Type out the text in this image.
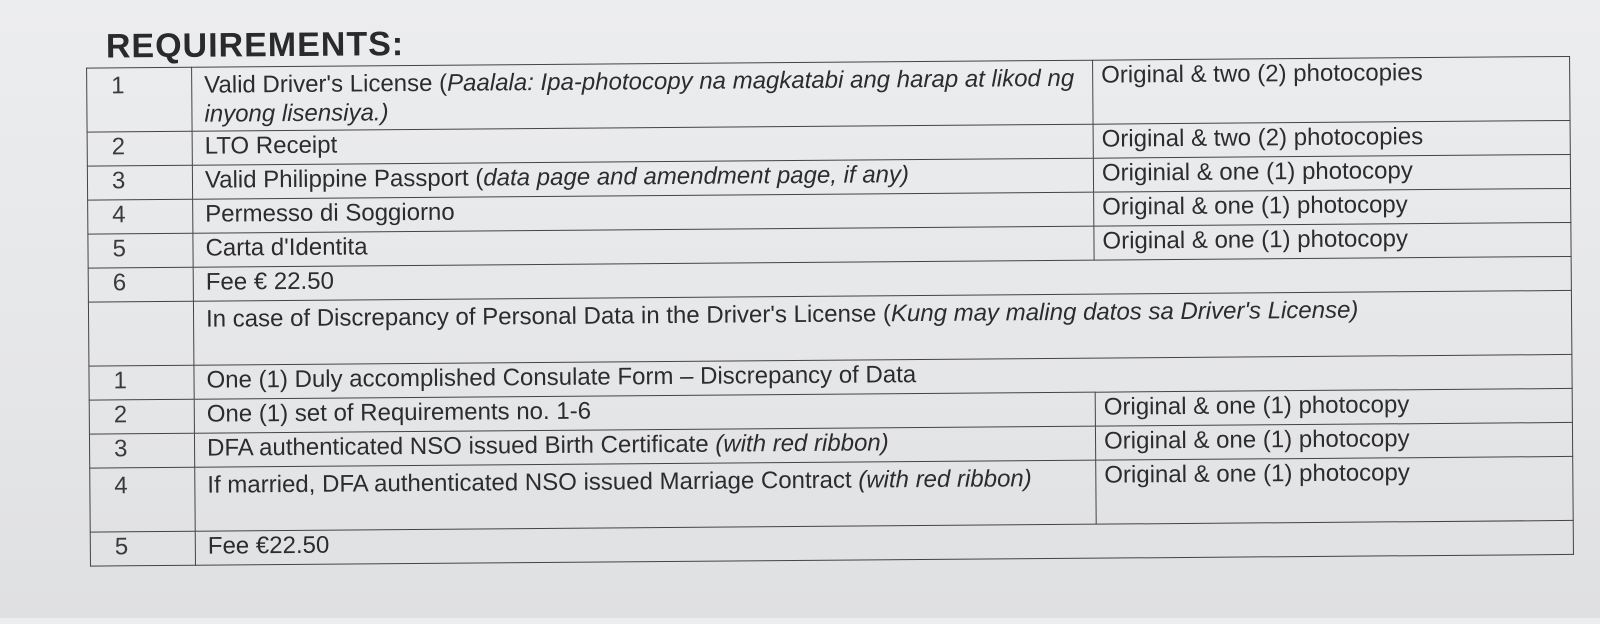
REQUIREMENTS:
1	Valid Driver's License (Paalala: Ipa-photocopy na magkatabi ang harap at likod ng inyong lisensiya.)	Original & two (2) photocopies
2	LTO Receipt	Original & two (2) photocopies
3	Valid Philippine Passport (data page and amendment page, if any)	Originial & one (1) photocopy
4	Permesso di Soggiorno	Original & one (1) photocopy
5	Carta d'Identita	Original & one (1) photocopy
6	Fee € 22.50	
	In case of Discrepancy of Personal Data in the Driver's License (Kung may maling datos sa Driver's License)	
1	One (1) Duly accomplished Consulate Form – Discrepancy of Data	
2	One (1) set of Requirements no. 1-6	Original & one (1) photocopy
3	DFA authenticated NSO issued Birth Certificate (with red ribbon)	Original & one (1) photocopy
4	If married, DFA authenticated NSO issued Marriage Contract (with red ribbon)	Original & one (1) photocopy
5	Fee €22.50	
